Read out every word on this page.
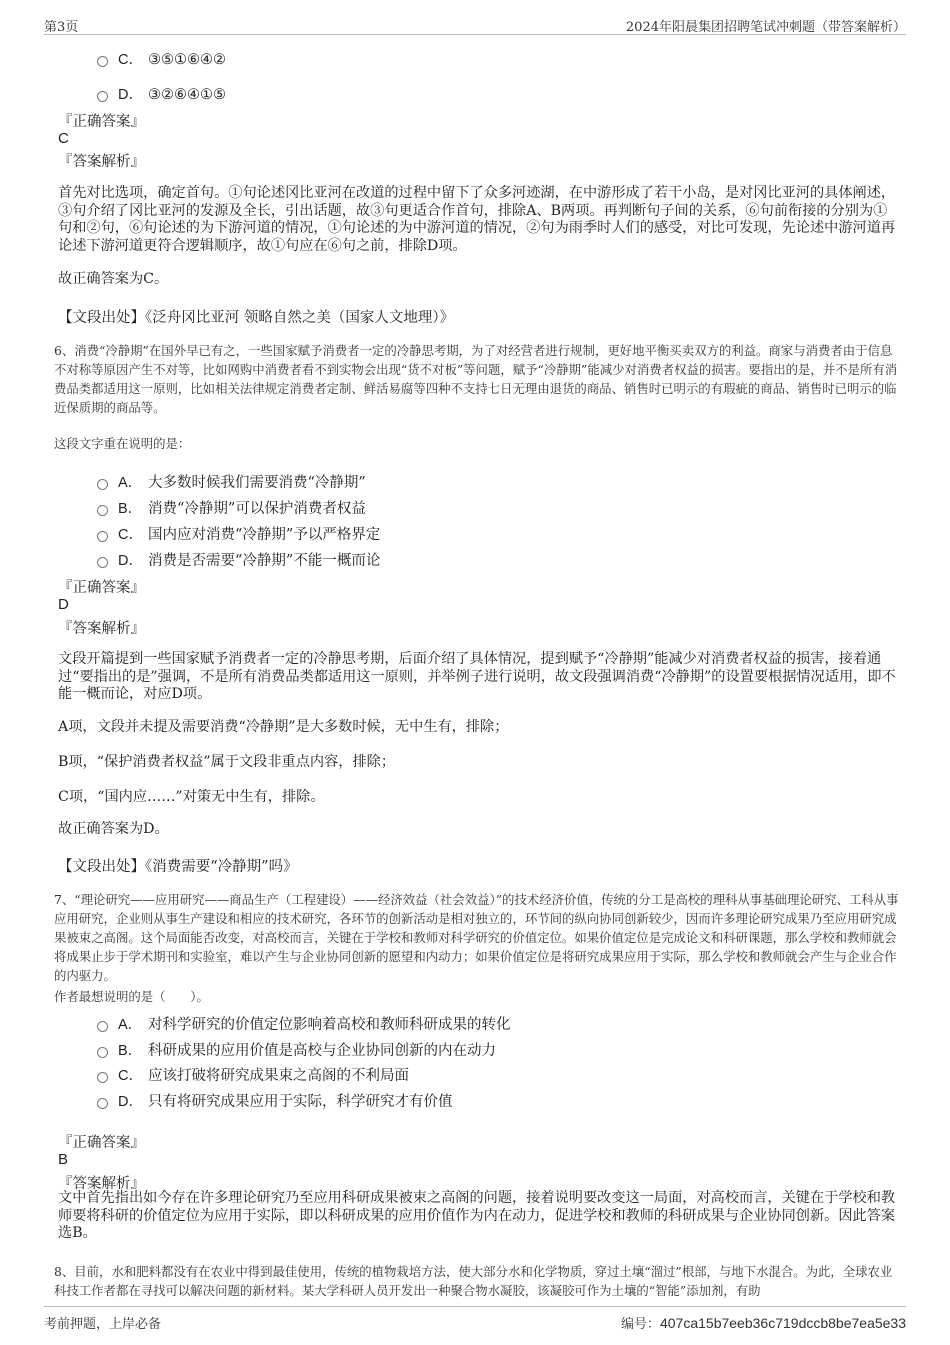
第3页	2024年阳晨集团招聘笔试冲刺题（带答案解析）
C． ③⑤①⑥④②
D． ③②⑥④①⑤
『正确答案』
C
『答案解析』
首先对比选项，确定首句。①句论述冈比亚河在改道的过程中留下了众多河迹湖，在中游形成了若干小岛，是对冈比亚河的具体阐述，③句介绍了冈比亚河的发源及全长，引出话题，故③句更适合作首句，排除A、B两项。再判断句子间的关系，⑥句前衔接的分别为①句和②句，⑥句论述的为下游河道的情况，①句论述的为中游河道的情况，②句为雨季时人们的感受，对比可发现，先论述中游河道再论述下游河道更符合逻辑顺序，故①句应在⑥句之前，排除D项。
故正确答案为C。
【文段出处】《泛舟冈比亚河 领略自然之美（国家人文地理）》
6、消费“冷静期”在国外早已有之，一些国家赋予消费者一定的冷静思考期，为了对经营者进行规制，更好地平衡买卖双方的利益。商家与消费者由于信息不对称等原因产生不对等，比如网购中消费者看不到实物会出现“货不对板”等问题，赋予“冷静期”能减少对消费者权益的损害。要指出的是，并不是所有消费品类都适用这一原则，比如相关法律规定消费者定制、鲜活易腐等四种不支持七日无理由退货的商品、销售时已明示的有瑕疵的商品、销售时已明示的临近保质期的商品等。
这段文字重在说明的是：
A． 大多数时候我们需要消费“冷静期”
B． 消费“冷静期”可以保护消费者权益
C． 国内应对消费“冷静期”予以严格界定
D． 消费是否需要“冷静期”不能一概而论
『正确答案』
D
『答案解析』
文段开篇提到一些国家赋予消费者一定的冷静思考期，后面介绍了具体情况，提到赋予“冷静期”能减少对消费者权益的损害，接着通过“要指出的是”强调，不是所有消费品类都适用这一原则，并举例子进行说明，故文段强调消费“冷静期”的设置要根据情况适用，即不能一概而论，对应D项。
A项，文段并未提及需要消费“冷静期”是大多数时候，无中生有，排除；
B项，“保护消费者权益”属于文段非重点内容，排除；
C项，“国内应……”对策无中生有，排除。
故正确答案为D。
【文段出处】《消费需要“冷静期”吗》
7、“理论研究——应用研究——商品生产（工程建设）——经济效益（社会效益）”的技术经济价值，传统的分工是高校的理科从事基础理论研究、工科从事应用研究，企业则从事生产建设和相应的技术研究，各环节的创新活动是相对独立的，环节间的纵向协同创新较少，因而许多理论研究成果乃至应用研究成果被束之高阁。这个局面能否改变，对高校而言，关键在于学校和教师对科学研究的价值定位。如果价值定位是完成论文和科研课题，那么学校和教师就会将成果止步于学术期刊和实验室，难以产生与企业协同创新的愿望和内动力；如果价值定位是将研究成果应用于实际，那么学校和教师就会产生与企业合作的内驱力。
作者最想说明的是（　　）。
A． 对科学研究的价值定位影响着高校和教师科研成果的转化
B． 科研成果的应用价值是高校与企业协同创新的内在动力
C． 应该打破将研究成果束之高阁的不利局面
D． 只有将研究成果应用于实际，科学研究才有价值
『正确答案』
B
『答案解析』
文中首先指出如今存在许多理论研究乃至应用科研成果被束之高阁的问题，接着说明要改变这一局面，对高校而言，关键在于学校和教师要将科研的价值定位为应用于实际，即以科研成果的应用价值作为内在动力，促进学校和教师的科研成果与企业协同创新。因此答案选B。
8、目前，水和肥料都没有在农业中得到最佳使用，传统的植物栽培方法，使大部分水和化学物质，穿过土壤“溜过”根部，与地下水混合。为此，全球农业科技工作者都在寻找可以解决问题的新材料。某大学科研人员开发出一种聚合物水凝胶，该凝胶可作为土壤的“智能”添加剂，有助
考前押题，上岸必备	编号：407ca15b7eeb36c719dccb8be7ea5e33
